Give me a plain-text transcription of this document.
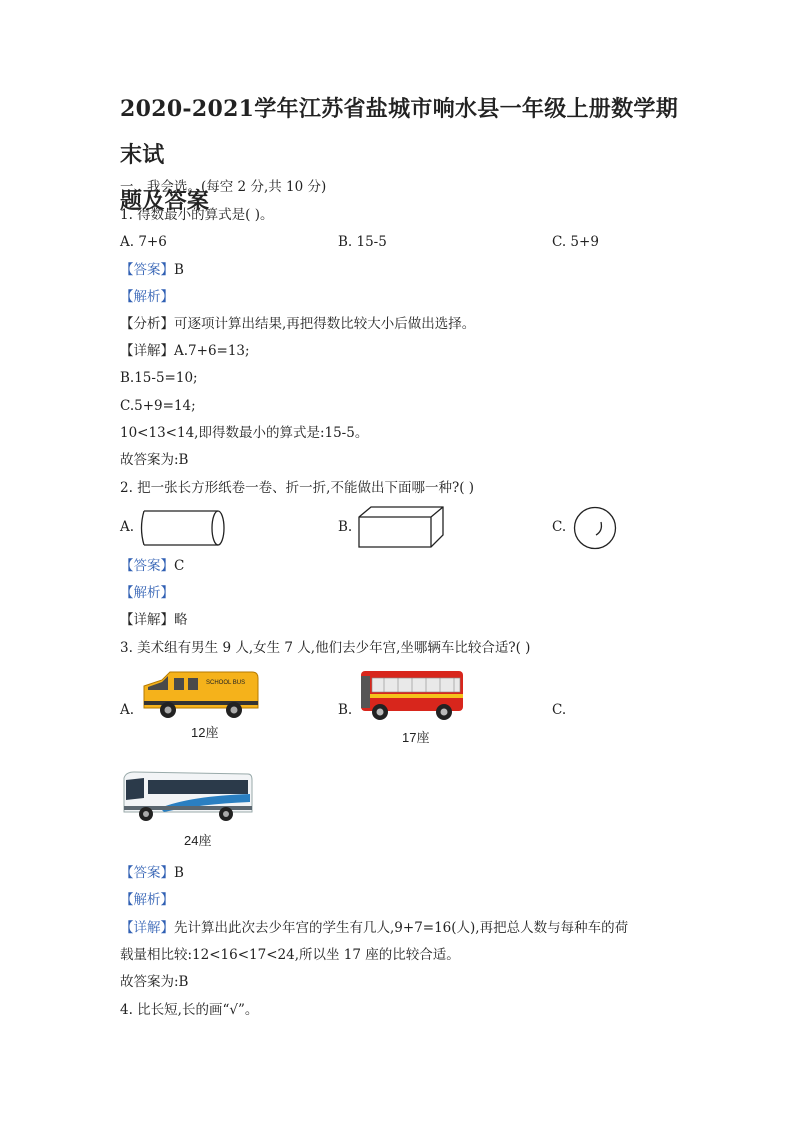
2020-2021学年江苏省盐城市响水县一年级上册数学期末试
题及答案
一、我会选。(每空 2 分,共 10 分)
1. 得数最小的算式是( )。
A. 7+6	B. 15-5	C. 5+9
【答案】B
【解析】
【分析】可逐项计算出结果,再把得数比较大小后做出选择。
【详解】A.7+6=13;
B.15-5=10;
C.5+9=14;
10<13<14,即得数最小的算式是:15-5。
故答案为:B
2. 把一张长方形纸卷一卷、折一折,不能做出下面哪一种?( )
A.	B.	C.
【答案】C
【解析】
【详解】略
3. 美术组有男生 9 人,女生 7 人,他们去少年宫,坐哪辆车比较合适?( )
A.
SCHOOL BUS
12座
B.
17座
C.
24座
【答案】B
【解析】
【详解】先计算出此次去少年宫的学生有几人,9+7=16(人),再把总人数与每种车的荷
载量相比较:12<16<17<24,所以坐 17 座的比较合适。
故答案为:B
4. 比长短,长的画“√”。
